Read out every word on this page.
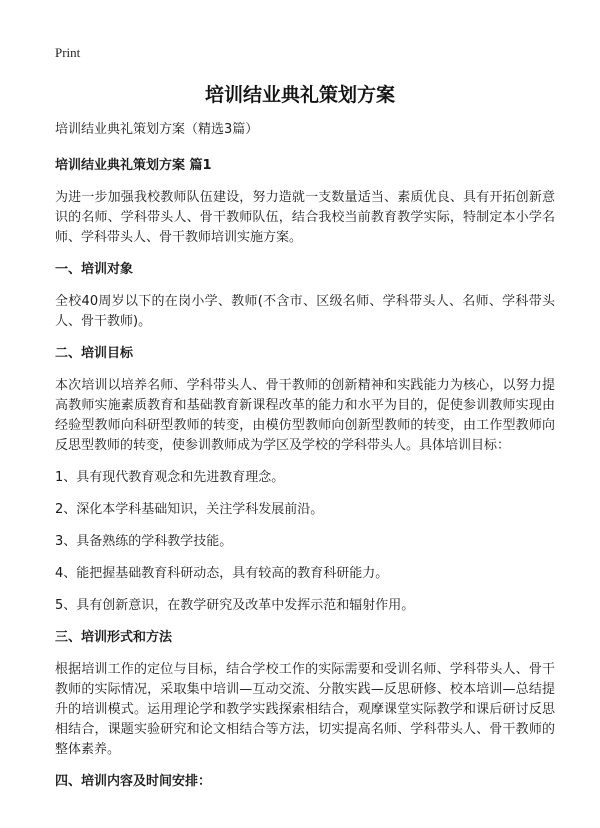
Print
培训结业典礼策划方案
培训结业典礼策划方案（精选3篇）
培训结业典礼策划方案 篇1
为进一步加强我校教师队伍建设，努力造就一支数量适当、素质优良、具有开拓创新意识的名师、学科带头人、骨干教师队伍，结合我校当前教育教学实际，特制定本小学名师、学科带头人、骨干教师培训实施方案。
一、培训对象
全校40周岁以下的在岗小学、教师(不含市、区级名师、学科带头人、名师、学科带头人、骨干教师)。
二、培训目标
本次培训以培养名师、学科带头人、骨干教师的创新精神和实践能力为核心，以努力提高教师实施素质教育和基础教育新课程改革的能力和水平为目的，促使参训教师实现由经验型教师向科研型教师的转变，由模仿型教师向创新型教师的转变，由工作型教师向反思型教师的转变，使参训教师成为学区及学校的学科带头人。具体培训目标：
1、具有现代教育观念和先进教育理念。
2、深化本学科基础知识，关注学科发展前沿。
3、具备熟练的学科教学技能。
4、能把握基础教育科研动态，具有较高的教育科研能力。
5、具有创新意识，在教学研究及改革中发挥示范和辐射作用。
三、培训形式和方法
根据培训工作的定位与目标，结合学校工作的实际需要和受训名师、学科带头人、骨干教师的实际情况，采取集中培训—互动交流、分散实践—反思研修、校本培训—总结提升的培训模式。运用理论学和教学实践探索相结合，观摩课堂实际教学和课后研讨反思相结合，课题实验研究和论文相结合等方法，切实提高名师、学科带头人、骨干教师的整体素养。
四、培训内容及时间安排：
